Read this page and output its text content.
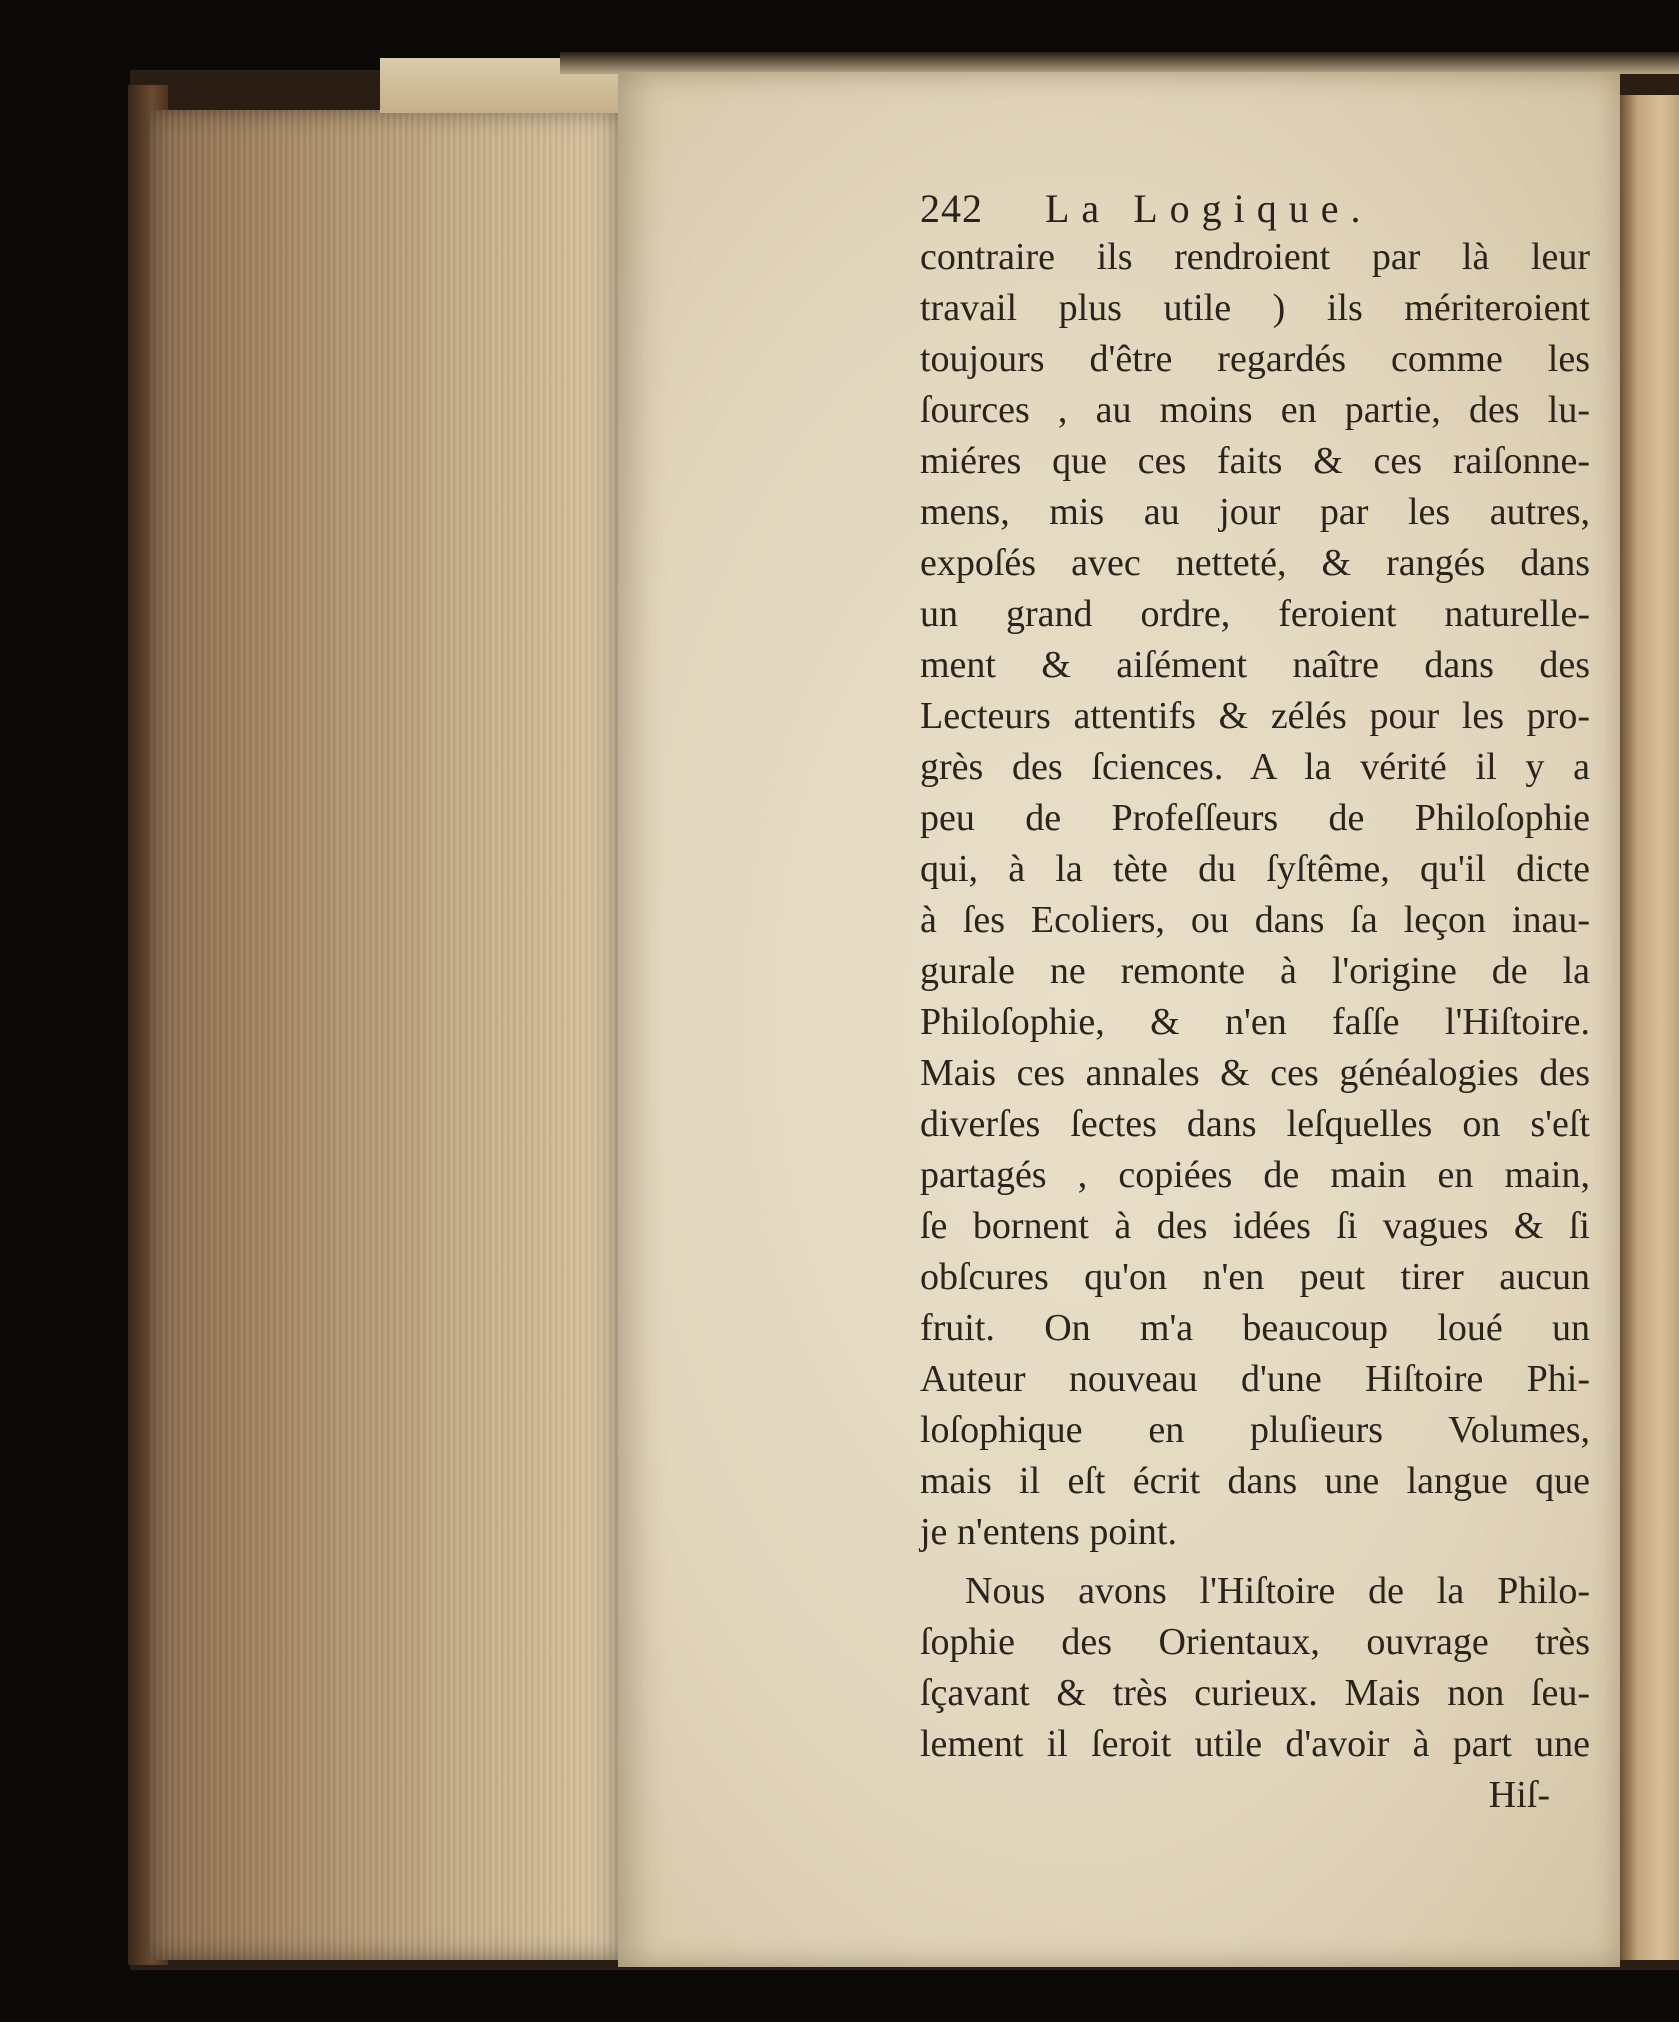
242 La Logique.
contraire ils rendroient par là leur
travail plus utile ) ils mériteroient
toujours d'être regardés comme les
ſources , au moins en partie, des lu-
miéres que ces faits & ces raiſonne-
mens, mis au jour par les autres,
expoſés avec netteté, & rangés dans
un grand ordre, feroient naturelle-
ment & aiſément naître dans des
Lecteurs attentifs & zélés pour les pro-
grès des ſciences. A la vérité il y a
peu de Profeſſeurs de Philoſophie
qui, à la tète du ſyſtême, qu'il dicte
à ſes Ecoliers, ou dans ſa leçon inau-
gurale ne remonte à l'origine de la
Philoſophie, & n'en faſſe l'Hiſtoire.
Mais ces annales & ces généalogies des
diverſes ſectes dans leſquelles on s'eſt
partagés , copiées de main en main,
ſe bornent à des idées ſi vagues & ſi
obſcures qu'on n'en peut tirer aucun
fruit. On m'a beaucoup loué un
Auteur nouveau d'une Hiſtoire Phi-
loſophique en pluſieurs Volumes,
mais il eſt écrit dans une langue que
je n'entens point.
Nous avons l'Hiſtoire de la Philo-
ſophie des Orientaux, ouvrage très
ſçavant & très curieux. Mais non ſeu-
lement il ſeroit utile d'avoir à part une
Hiſ-
